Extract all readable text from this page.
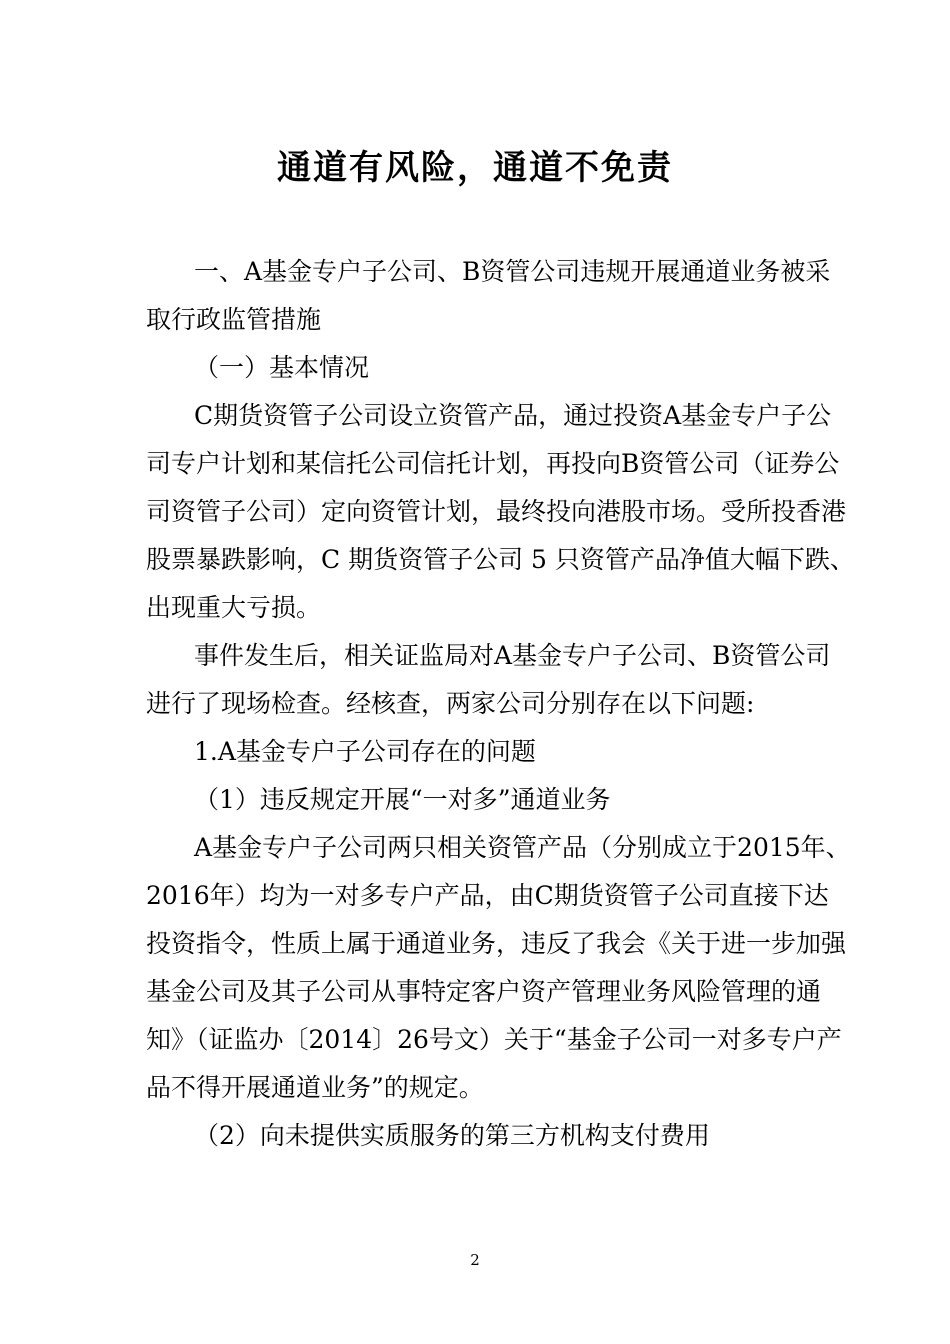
通道有风险，通道不免责
一、A基金专户子公司、B资管公司违规开展通道业务被采
取行政监管措施
（一）基本情况
C期货资管子公司设立资管产品，通过投资A基金专户子公
司专户计划和某信托公司信托计划，再投向B资管公司（证券公
司资管子公司）定向资管计划，最终投向港股市场。受所投香港
股票暴跌影响，C 期货资管子公司 5 只资管产品净值大幅下跌、
出现重大亏损。
事件发生后，相关证监局对A基金专户子公司、B资管公司
进行了现场检查。经核查，两家公司分别存在以下问题:
1.A基金专户子公司存在的问题
（1）违反规定开展“一对多”通道业务
A基金专户子公司两只相关资管产品（分别成立于2015年、
2016年）均为一对多专户产品，由C期货资管子公司直接下达
投资指令，性质上属于通道业务，违反了我会《关于进一步加强
基金公司及其子公司从事特定客户资产管理业务风险管理的通
知》（证监办〔2014〕26号文）关于“基金子公司一对多专户产
品不得开展通道业务”的规定。
（2）向未提供实质服务的第三方机构支付费用
2
